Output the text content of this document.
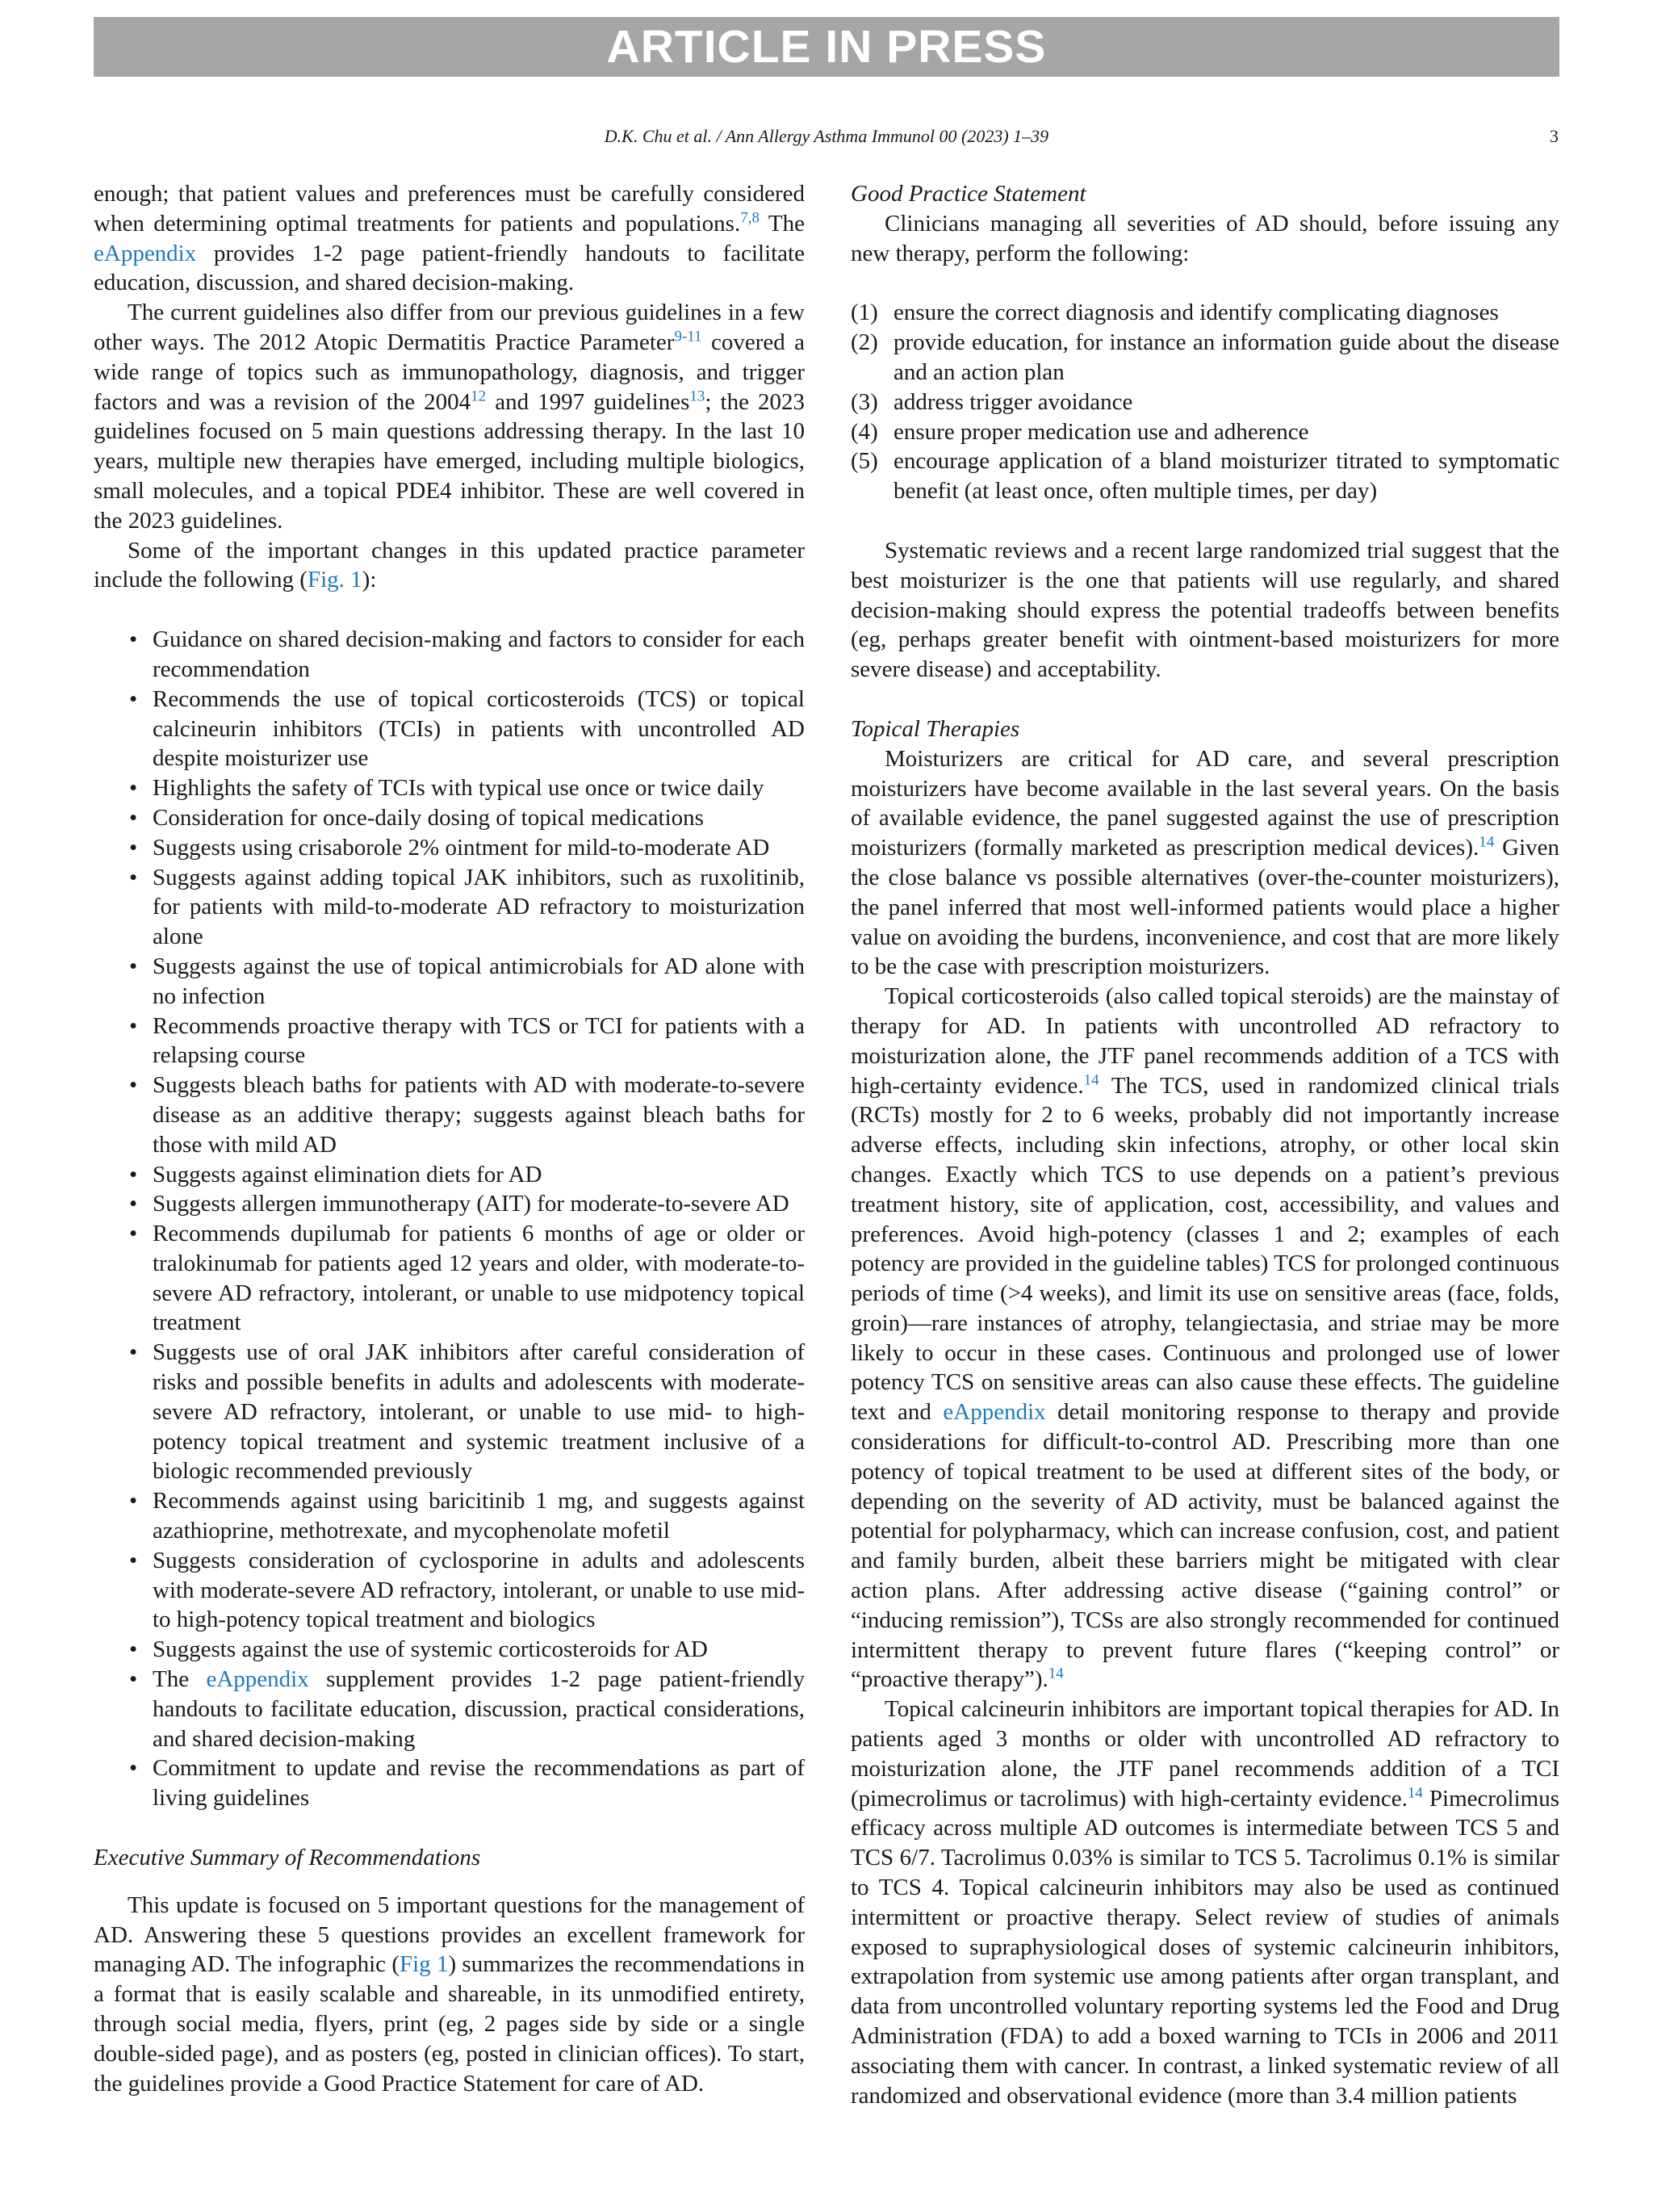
ARTICLE IN PRESS
D.K. Chu et al. / Ann Allergy Asthma Immunol 00 (2023) 1–39	3

enough; that patient values and preferences must be carefully considered when determining optimal treatments for patients and populations.$^{7,8}$ The eAppendix provides 1-2 page patient-friendly handouts to facilitate education, discussion, and shared decision-making.

The current guidelines also differ from our previous guidelines in a few other ways. The 2012 Atopic Dermatitis Practice Parameter$^{9-11}$ covered a wide range of topics such as immunopathology, diagnosis, and trigger factors and was a revision of the 2004$^{12}$ and 1997 guidelines$^{13}$; the 2023 guidelines focused on 5 main questions addressing therapy. In the last 10 years, multiple new therapies have emerged, including multiple biologics, small molecules, and a topical PDE4 inhibitor. These are well covered in the 2023 guidelines.

Some of the important changes in this updated practice parameter include the following (Fig. 1):

• Guidance on shared decision-making and factors to consider for each recommendation
• Recommends the use of topical corticosteroids (TCS) or topical calcineurin inhibitors (TCIs) in patients with uncontrolled AD despite moisturizer use
• Highlights the safety of TCIs with typical use once or twice daily
• Consideration for once-daily dosing of topical medications
• Suggests using crisaborole 2% ointment for mild-to-moderate AD
• Suggests against adding topical JAK inhibitors, such as ruxolitinib, for patients with mild-to-moderate AD refractory to moisturization alone
• Suggests against the use of topical antimicrobials for AD alone with no infection
• Recommends proactive therapy with TCS or TCI for patients with a relapsing course
• Suggests bleach baths for patients with AD with moderate-to-severe disease as an additive therapy; suggests against bleach baths for those with mild AD
• Suggests against elimination diets for AD
• Suggests allergen immunotherapy (AIT) for moderate-to-severe AD
• Recommends dupilumab for patients 6 months of age or older or tralokinumab for patients aged 12 years and older, with moderate-to-severe AD refractory, intolerant, or unable to use midpotency topical treatment
• Suggests use of oral JAK inhibitors after careful consideration of risks and possible benefits in adults and adolescents with moderate-severe AD refractory, intolerant, or unable to use mid- to high-potency topical treatment and systemic treatment inclusive of a biologic recommended previously
• Recommends against using baricitinib 1 mg, and suggests against azathioprine, methotrexate, and mycophenolate mofetil
• Suggests consideration of cyclosporine in adults and adolescents with moderate-severe AD refractory, intolerant, or unable to use mid- to high-potency topical treatment and biologics
• Suggests against the use of systemic corticosteroids for AD
• The eAppendix supplement provides 1-2 page patient-friendly handouts to facilitate education, discussion, practical considerations, and shared decision-making
• Commitment to update and revise the recommendations as part of living guidelines

Executive Summary of Recommendations

This update is focused on 5 important questions for the management of AD. Answering these 5 questions provides an excellent framework for managing AD. The infographic (Fig 1) summarizes the recommendations in a format that is easily scalable and shareable, in its unmodified entirety, through social media, flyers, print (eg, 2 pages side by side or a single double-sided page), and as posters (eg, posted in clinician offices). To start, the guidelines provide a Good Practice Statement for care of AD.

Good Practice Statement

Clinicians managing all severities of AD should, before issuing any new therapy, perform the following:

(1) ensure the correct diagnosis and identify complicating diagnoses
(2) provide education, for instance an information guide about the disease and an action plan
(3) address trigger avoidance
(4) ensure proper medication use and adherence
(5) encourage application of a bland moisturizer titrated to symptomatic benefit (at least once, often multiple times, per day)

Systematic reviews and a recent large randomized trial suggest that the best moisturizer is the one that patients will use regularly, and shared decision-making should express the potential tradeoffs between benefits (eg, perhaps greater benefit with ointment-based moisturizers for more severe disease) and acceptability.

Topical Therapies

Moisturizers are critical for AD care, and several prescription moisturizers have become available in the last several years. On the basis of available evidence, the panel suggested against the use of prescription moisturizers (formally marketed as prescription medical devices).$^{14}$ Given the close balance vs possible alternatives (over-the-counter moisturizers), the panel inferred that most well-informed patients would place a higher value on avoiding the burdens, inconvenience, and cost that are more likely to be the case with prescription moisturizers.

Topical corticosteroids (also called topical steroids) are the mainstay of therapy for AD. In patients with uncontrolled AD refractory to moisturization alone, the JTF panel recommends addition of a TCS with high-certainty evidence.$^{14}$ The TCS, used in randomized clinical trials (RCTs) mostly for 2 to 6 weeks, probably did not importantly increase adverse effects, including skin infections, atrophy, or other local skin changes. Exactly which TCS to use depends on a patient’s previous treatment history, site of application, cost, accessibility, and values and preferences. Avoid high-potency (classes 1 and 2; examples of each potency are provided in the guideline tables) TCS for prolonged continuous periods of time (>4 weeks), and limit its use on sensitive areas (face, folds, groin)—rare instances of atrophy, telangiectasia, and striae may be more likely to occur in these cases. Continuous and prolonged use of lower potency TCS on sensitive areas can also cause these effects. The guideline text and eAppendix detail monitoring response to therapy and provide considerations for difficult-to-control AD. Prescribing more than one potency of topical treatment to be used at different sites of the body, or depending on the severity of AD activity, must be balanced against the potential for polypharmacy, which can increase confusion, cost, and patient and family burden, albeit these barriers might be mitigated with clear action plans. After addressing active disease (“gaining control” or “inducing remission”), TCSs are also strongly recommended for continued intermittent therapy to prevent future flares (“keeping control” or “proactive therapy”).$^{14}$

Topical calcineurin inhibitors are important topical therapies for AD. In patients aged 3 months or older with uncontrolled AD refractory to moisturization alone, the JTF panel recommends addition of a TCI (pimecrolimus or tacrolimus) with high-certainty evidence.$^{14}$ Pimecrolimus efficacy across multiple AD outcomes is intermediate between TCS 5 and TCS 6/7. Tacrolimus 0.03% is similar to TCS 5. Tacrolimus 0.1% is similar to TCS 4. Topical calcineurin inhibitors may also be used as continued intermittent or proactive therapy. Select review of studies of animals exposed to supraphysiological doses of systemic calcineurin inhibitors, extrapolation from systemic use among patients after organ transplant, and data from uncontrolled voluntary reporting systems led the Food and Drug Administration (FDA) to add a boxed warning to TCIs in 2006 and 2011 associating them with cancer. In contrast, a linked systematic review of all randomized and observational evidence (more than 3.4 million patients
